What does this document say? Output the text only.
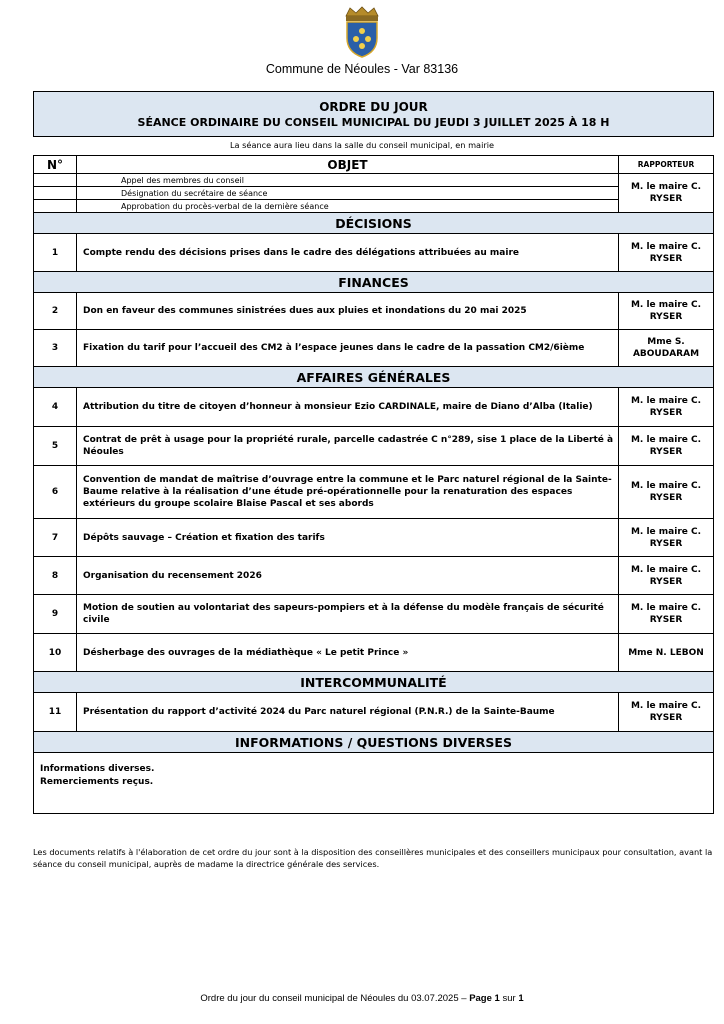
Commune de Néoules - Var 83136
ORDRE DU JOUR
SÉANCE ORDINAIRE DU CONSEIL MUNICIPAL DU JEUDI 3 JUILLET 2025 À 18 H
La séance aura lieu dans la salle du conseil municipal, en mairie
N°	OBJET	RAPPORTEUR
	Appel des membres du conseil	M. le maire C. RYSER
	Désignation du secrétaire de séance	
	Approbation du procès-verbal de la dernière séance	
DÉCISIONS		
1	Compte rendu des décisions prises dans le cadre des délégations attribuées au maire	M. le maire C. RYSER
FINANCES		
2	Don en faveur des communes sinistrées dues aux pluies et inondations du 20 mai 2025	M. le maire C. RYSER
3	Fixation du tarif pour l’accueil des CM2 à l’espace jeunes dans le cadre de la passation CM2/6ième	Mme S. ABOUDARAM
AFFAIRES GÉNÉRALES		
4	Attribution du titre de citoyen d’honneur à monsieur Ezio CARDINALE, maire de Diano d’Alba (Italie)	M. le maire C. RYSER
5	Contrat de prêt à usage pour la propriété rurale, parcelle cadastrée C n°289, sise 1 place de la Liberté à Néoules	M. le maire C. RYSER
6	Convention de mandat de maîtrise d’ouvrage entre la commune et le Parc naturel régional de la Sainte-Baume relative à la réalisation d’une étude pré-opérationnelle pour la renaturation des espaces extérieurs du groupe scolaire Blaise Pascal et ses abords	M. le maire C. RYSER
7	Dépôts sauvage – Création et fixation des tarifs	M. le maire C. RYSER
8	Organisation du recensement 2026	M. le maire C. RYSER
9	Motion de soutien au volontariat des sapeurs-pompiers et à la défense du modèle français de sécurité civile	M. le maire C. RYSER
10	Désherbage des ouvrages de la médiathèque « Le petit Prince »	Mme N. LEBON
INTERCOMMUNALITÉ		
11	Présentation du rapport d’activité 2024 du Parc naturel régional (P.N.R.) de la Sainte-Baume	M. le maire C. RYSER
INFORMATIONS / QUESTIONS DIVERSES		

Informations diverses.
Remerciements reçus.		
Les documents relatifs à l'élaboration de cet ordre du jour sont à la disposition des conseillères municipales et des conseillers municipaux pour consultation, avant la séance du conseil municipal, auprès de madame la directrice générale des services.
Ordre du jour du conseil municipal de Néoules du 03.07.2025 – Page 1 sur 1
